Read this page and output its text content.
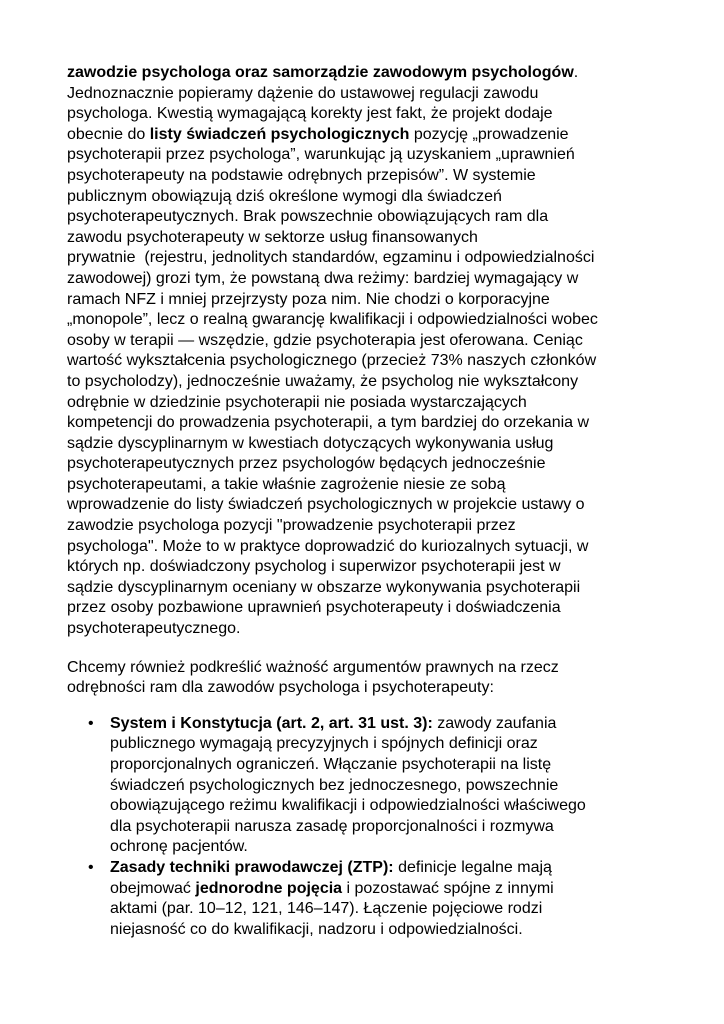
zawodzie psychologa oraz samorządzie zawodowym psychologów.
Jednoznacznie popieramy dążenie do ustawowej regulacji zawodu
psychologa. Kwestią wymagającą korekty jest fakt, że projekt dodaje
obecnie do listy świadczeń psychologicznych pozycję „prowadzenie
psychoterapii przez psychologa”, warunkując ją uzyskaniem „uprawnień
psychoterapeuty na podstawie odrębnych przepisów”. W systemie
publicznym obowiązują dziś określone wymogi dla świadczeń
psychoterapeutycznych. Brak powszechnie obowiązujących ram dla
zawodu psychoterapeuty w sektorze usług finansowanych
prywatnie  (rejestru, jednolitych standardów, egzaminu i odpowiedzialności
zawodowej) grozi tym, że powstaną dwa reżimy: bardziej wymagający w
ramach NFZ i mniej przejrzysty poza nim. Nie chodzi o korporacyjne
„monopole”, lecz o realną gwarancję kwalifikacji i odpowiedzialności wobec
osoby w terapii — wszędzie, gdzie psychoterapia jest oferowana. Ceniąc
wartość wykształcenia psychologicznego (przecież 73% naszych członków
to psycholodzy), jednocześnie uważamy, że psycholog nie wykształcony
odrębnie w dziedzinie psychoterapii nie posiada wystarczających
kompetencji do prowadzenia psychoterapii, a tym bardziej do orzekania w
sądzie dyscyplinarnym w kwestiach dotyczących wykonywania usług
psychoterapeutycznych przez psychologów będących jednocześnie
psychoterapeutami, a takie właśnie zagrożenie niesie ze sobą
wprowadzenie do listy świadczeń psychologicznych w projekcie ustawy o
zawodzie psychologa pozycji "prowadzenie psychoterapii przez
psychologa". Może to w praktyce doprowadzić do kuriozalnych sytuacji, w
których np. doświadczony psycholog i superwizor psychoterapii jest w
sądzie dyscyplinarnym oceniany w obszarze wykonywania psychoterapii
przez osoby pozbawione uprawnień psychoterapeuty i doświadczenia
psychoterapeutycznego.
Chcemy również podkreślić ważność argumentów prawnych na rzecz
odrębności ram dla zawodów psychologa i psychoterapeuty:
•	System i Konstytucja (art. 2, art. 31 ust. 3): zawody zaufania
publicznego wymagają precyzyjnych i spójnych definicji oraz
proporcjonalnych ograniczeń. Włączanie psychoterapii na listę
świadczeń psychologicznych bez jednoczesnego, powszechnie
obowiązującego reżimu kwalifikacji i odpowiedzialności właściwego
dla psychoterapii narusza zasadę proporcjonalności i rozmywa
ochronę pacjentów.
•	Zasady techniki prawodawczej (ZTP): definicje legalne mają
obejmować jednorodne pojęcia i pozostawać spójne z innymi
aktami (par. 10–12, 121, 146–147). Łączenie pojęciowe rodzi
niejasność co do kwalifikacji, nadzoru i odpowiedzialności.
